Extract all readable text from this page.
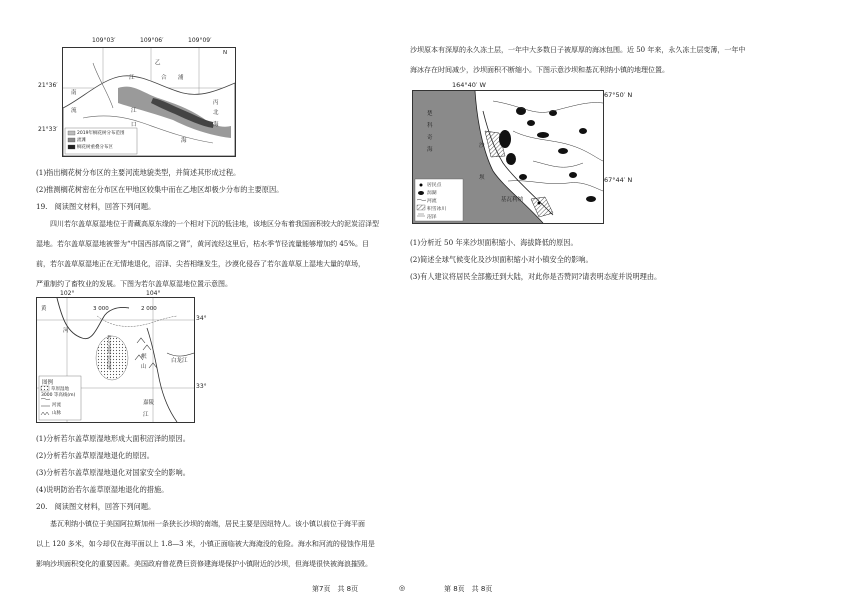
109°03′	109°06′	109°09′
21°36′
21°33′
乙
江	合 浦
丙
南
流	江
口
海
北
海
N
2019年榈花树分布范围
流滩
榈花树重叠分布区
(1)指出榈花树分布区的主要河流地貌类型，并简述其形成过程。
(2)推测榈花树密在分布区在甲地区较集中而在乙地区却极少分布的主要原因。
19.　阅读图文材料，回答下列问题。

四川若尔盖草原湿地位于青藏高原东缘的一个相对下沉的低洼地，该地区分布着我国面积较大的泥炭沼泽型

湿地。若尔盖草原湿地被誉为“中国西部高原之肾”，黄河流经这里后，枯水季节径流量能够增加约 45%。目

前，若尔盖草原湿地正在无情地退化，沼泽、尖苔相继发生，沙漠化侵吞了若尔盖草原上湿地大量的草场，

严重制约了畜牧业的发展。下图为若尔盖草原湿地位置示意图。

102°	104°
34°
33°
黄
河
若尔盖草原湿地
岷
山
白龙江
嘉陵
江
3 000	2 000
图例
草原湿地
3000 等高线(m)
河流
山脉
(1)分析若尔盖草原湿地形成大面积沼泽的原因。
(2)分析若尔盖草原湿地退化的原因。
(3)分析若尔盖草原湿地退化对国家安全的影响。
(4)说明防治若尔盖草原湿地退化的措施。
20.　阅读图文材料，回答下列问题。

基瓦利纳小镇位于美国阿拉斯加州一条狭长沙坝的南端，居民主要是因纽特人。该小镇以前位于海平面

以上 120 多米，如今却仅在海平面以上 1.8—3 米，小镇正面临被大海淹没的危险。海水和河流的侵蚀作用是

影响沙坝面积变化的重要因素。美国政府曾花费巨资修建海堤保护小镇附近的沙坝，但海堤很快被海浪摧毁。

沙坝原本有深厚的永久冻土层，一年中大多数日子被厚厚的海冰包围。近 50 年来，永久冻土层变薄，一年中

海冰存在时间减少，沙坝面积不断缩小。下图示意沙坝和基瓦利纳小镇的地理位置。

164°40′ W
67°50′ N
67°44′ N
楚
科
奇
海
沙
坝
基瓦利纳
居民点
潟湖
河流
积雪冰川
沼泽
(1)分析近 50 年来沙坝面积缩小、海拔降低的原因。
(2)简述全球气候变化及沙坝面积缩小对小镇安全的影响。
(3)有人建议将居民全部搬迁到大陆，对此你是否赞同?请表明态度并说明理由。
第7页　共 8页	◎	第 8页　共 8页
